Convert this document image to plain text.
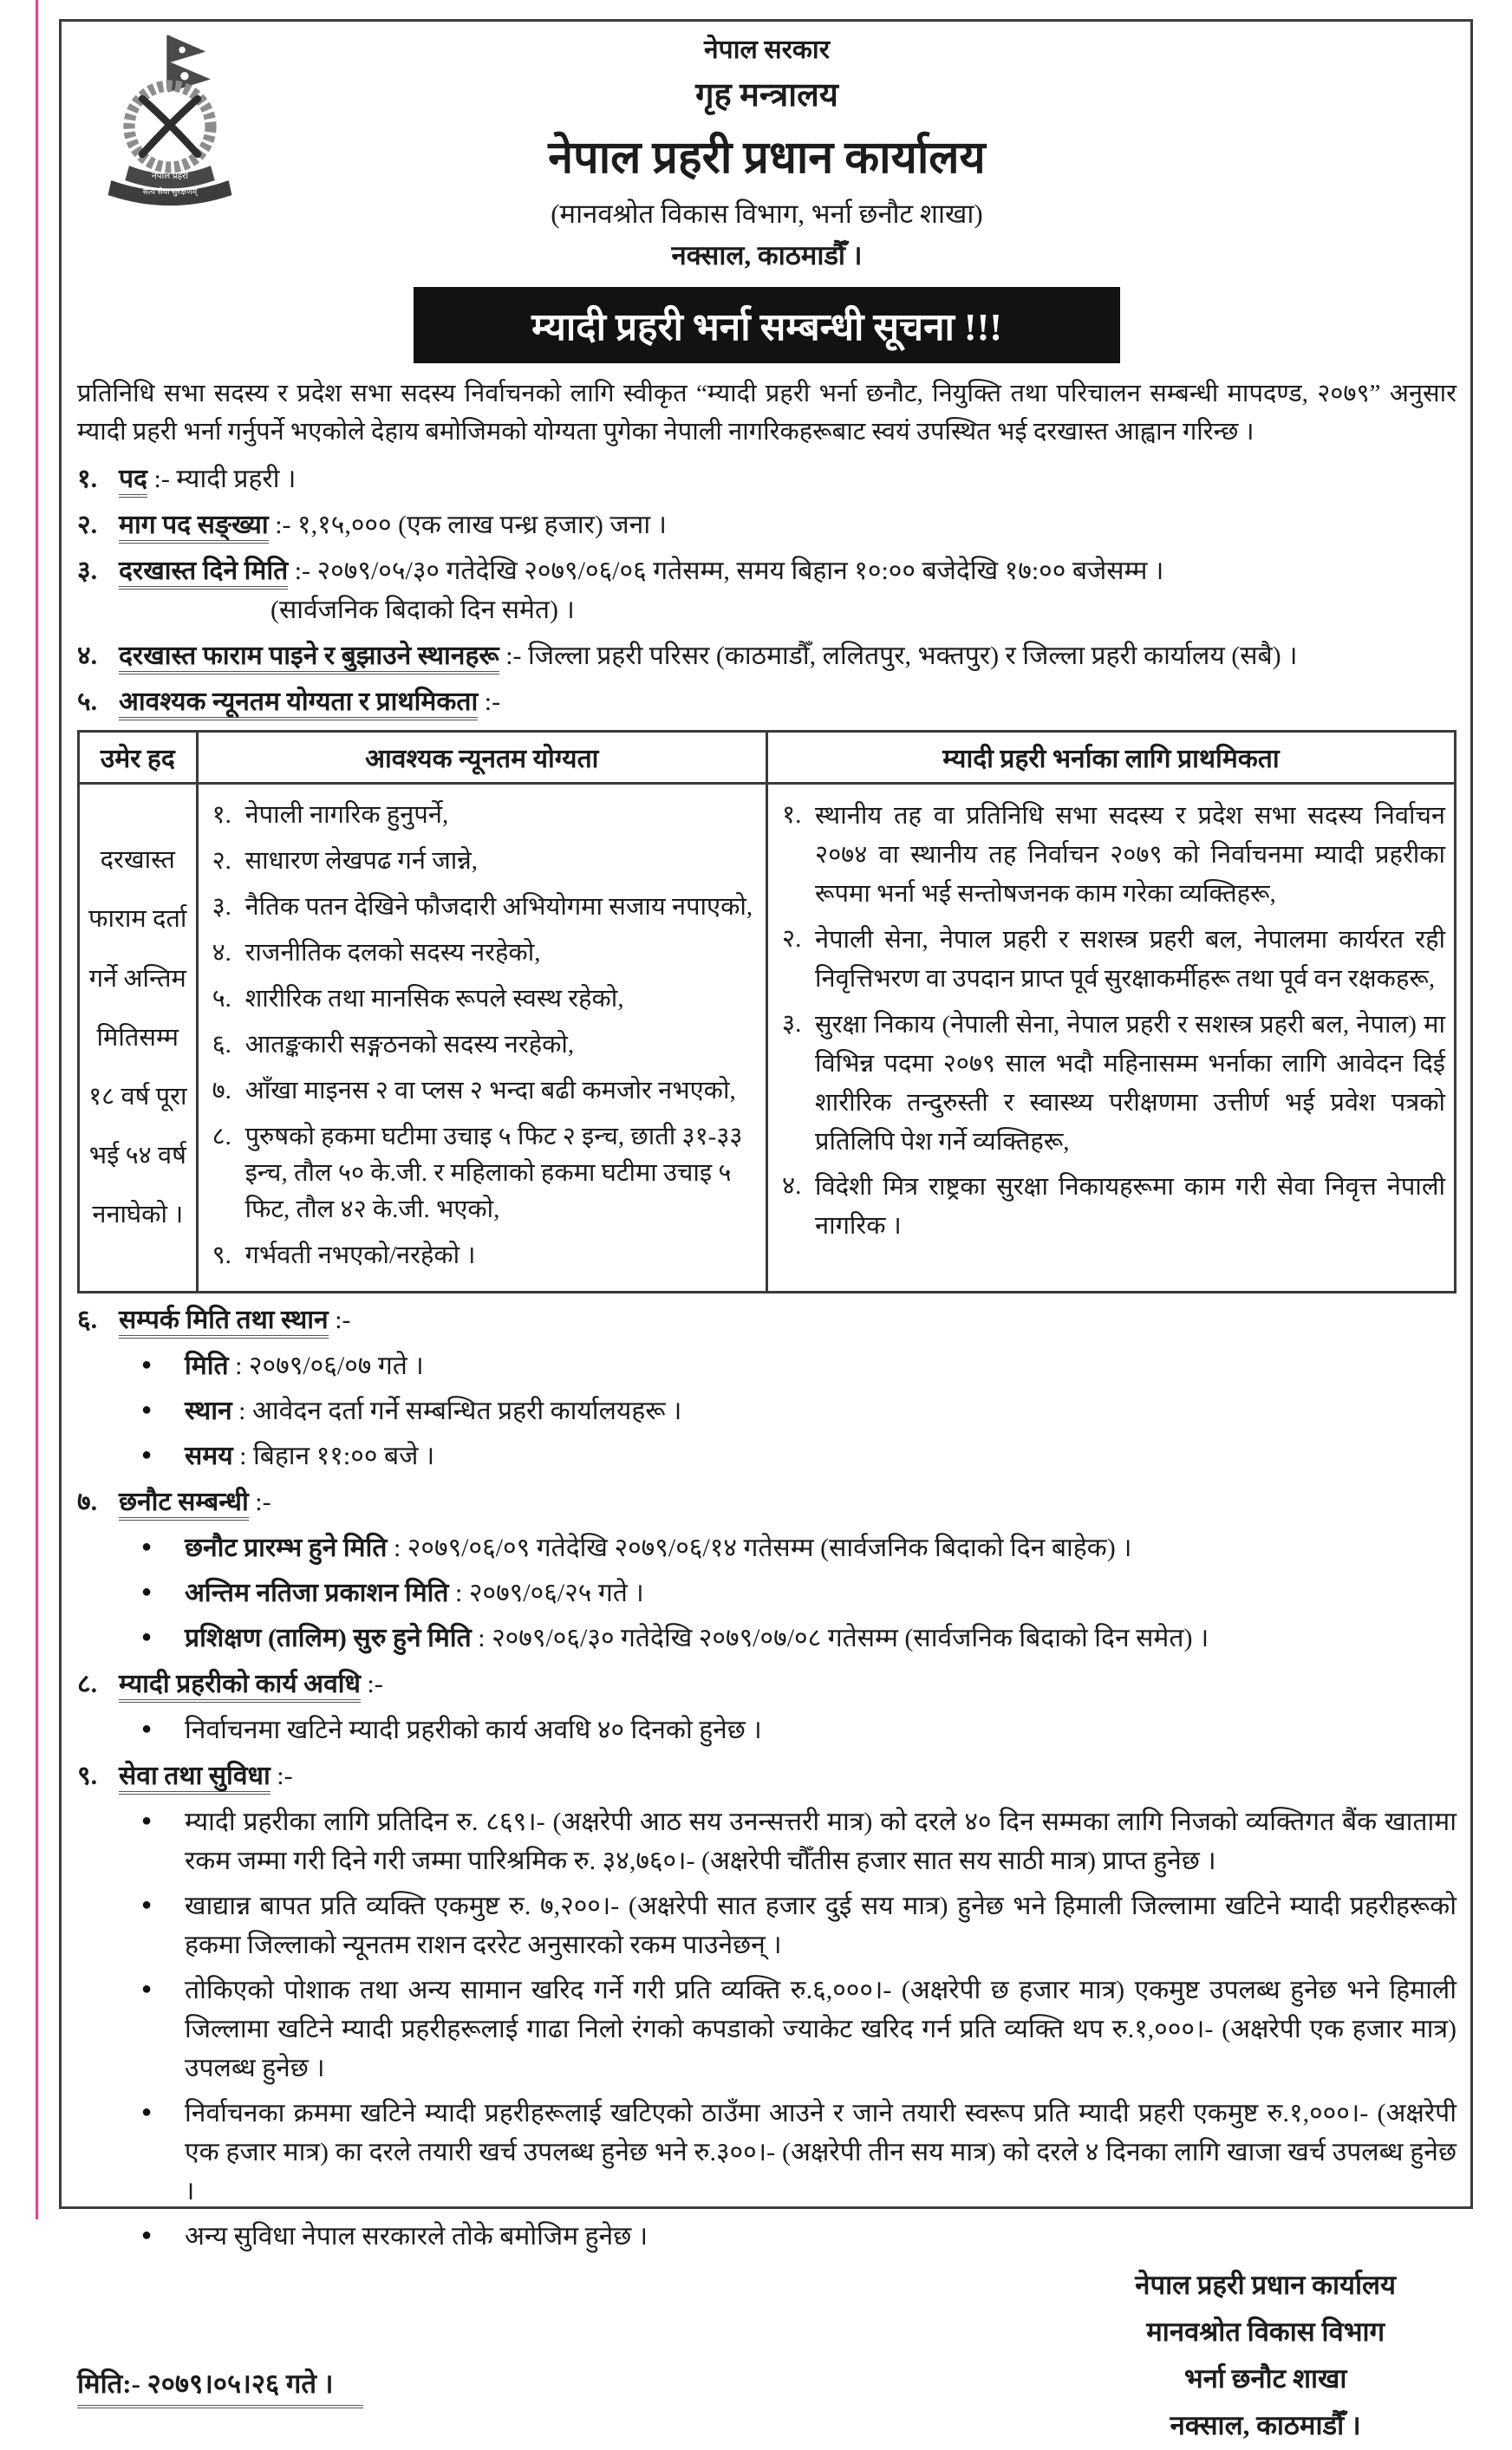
नेपाल प्रहरी
सत्य सेवा सुरक्षणम्
नेपाल सरकार
गृह मन्त्रालय
नेपाल प्रहरी प्रधान कार्यालय
(मानवश्रोत विकास विभाग, भर्ना छनौट शाखा)
नक्साल, काठमाडौँ ।
म्यादी प्रहरी भर्ना सम्बन्धी सूचना !!!

प्रतिनिधि सभा सदस्य र प्रदेश सभा सदस्य निर्वाचनको लागि स्वीकृत “म्यादी प्रहरी भर्ना छनौट, नियुक्ति तथा परिचालन सम्बन्धी मापदण्ड, २०७९” अनुसार म्यादी प्रहरी भर्ना गर्नुपर्ने भएकोले देहाय बमोजिमको योग्यता पुगेका नेपाली नागरिकहरूबाट स्वयं उपस्थित भई दरखास्त आह्वान गरिन्छ ।

१. पद :- म्यादी प्रहरी ।
२. माग पद सङ्ख्या :- १,१५,००० (एक लाख पन्ध्र हजार) जना ।
३. दरखास्त दिने मिति :- २०७९/०५/३० गतेदेखि २०७९/०६/०६ गतेसम्म, समय बिहान १०:०० बजेदेखि १७:०० बजेसम्म ।
(सार्वजनिक बिदाको दिन समेत) ।
४. दरखास्त फाराम पाइने र बुझाउने स्थानहरू :- जिल्ला प्रहरी परिसर (काठमाडौँ, ललितपुर, भक्तपुर) र जिल्ला प्रहरी कार्यालय (सबै) ।
५. आवश्यक न्यूनतम योग्यता र प्राथमिकता :-
उमेर हद	आवश्यक न्यूनतम योग्यता	म्यादी प्रहरी भर्नाका लागि प्राथमिकता
दरखास्त फाराम दर्ता गर्ने अन्तिम मितिसम्म १८ वर्ष पूरा भई ५४ वर्ष ननाघेको ।	
१. नेपाली नागरिक हुनुपर्ने,
२. साधारण लेखपढ गर्न जान्ने,
३. नैतिक पतन देखिने फौजदारी अभियोगमा सजाय नपाएको,
४. राजनीतिक दलको सदस्य नरहेको,
५. शारीरिक तथा मानसिक रूपले स्वस्थ रहेको,
६. आतङ्ककारी सङ्गठनको सदस्य नरहेको,
७. आँखा माइनस २ वा प्लस २ भन्दा बढी कमजोर नभएको,
८. पुरुषको हकमा घटीमा उचाइ ५ फिट २ इन्च, छाती ३१-३३ इन्च, तौल ५० के.जी. र महिलाको हकमा घटीमा उचाइ ५ फिट, तौल ४२ के.जी. भएको,
९. गर्भवती नभएको/नरहेको ।

१. स्थानीय तह वा प्रतिनिधि सभा सदस्य र प्रदेश सभा सदस्य निर्वाचन २०७४ वा स्थानीय तह निर्वाचन २०७९ को निर्वाचनमा म्यादी प्रहरीका रूपमा भर्ना भई सन्तोषजनक काम गरेका व्यक्तिहरू,
२. नेपाली सेना, नेपाल प्रहरी र सशस्त्र प्रहरी बल, नेपालमा कार्यरत रही निवृत्तिभरण वा उपदान प्राप्त पूर्व सुरक्षाकर्मीहरू तथा पूर्व वन रक्षकहरू,
३. सुरक्षा निकाय (नेपाली सेना, नेपाल प्रहरी र सशस्त्र प्रहरी बल, नेपाल) मा विभिन्न पदमा २०७९ साल भदौ महिनासम्म भर्नाका लागि आवेदन दिई शारीरिक तन्दुरुस्ती र स्वास्थ्य परीक्षणमा उत्तीर्ण भई प्रवेश पत्रको प्रतिलिपि पेश गर्ने व्यक्तिहरू,
४. विदेशी मित्र राष्ट्रका सुरक्षा निकायहरूमा काम गरी सेवा निवृत्त नेपाली नागरिक ।
६. सम्पर्क मिति तथा स्थान :-
●	मिति : २०७९/०६/०७ गते ।
●	स्थान : आवेदन दर्ता गर्ने सम्बन्धित प्रहरी कार्यालयहरू ।
●	समय : बिहान ११:०० बजे ।
७. छनौट सम्बन्धी :-
●	छनौट प्रारम्भ हुने मिति : २०७९/०६/०९ गतेदेखि २०७९/०६/१४ गतेसम्म (सार्वजनिक बिदाको दिन बाहेक) ।
●	अन्तिम नतिजा प्रकाशन मिति : २०७९/०६/२५ गते ।
●	प्रशिक्षण (तालिम) सुरु हुने मिति : २०७९/०६/३० गतेदेखि २०७९/०७/०८ गतेसम्म (सार्वजनिक बिदाको दिन समेत) ।
८. म्यादी प्रहरीको कार्य अवधि :-
●	निर्वाचनमा खटिने म्यादी प्रहरीको कार्य अवधि ४० दिनको हुनेछ ।
९. सेवा तथा सुविधा :-
●	म्यादी प्रहरीका लागि प्रतिदिन रु. ८६९।- (अक्षरेपी आठ सय उनन्सत्तरी मात्र) को दरले ४० दिन सम्मका लागि निजको व्यक्तिगत बैंक खातामा रकम जम्मा गरी दिने गरी जम्मा पारिश्रमिक रु. ३४,७६०।- (अक्षरेपी चौँतीस हजार सात सय साठी मात्र) प्राप्त हुनेछ ।
●	खाद्यान्न बापत प्रति व्यक्ति एकमुष्ट रु. ७,२००।- (अक्षरेपी सात हजार दुई सय मात्र) हुनेछ भने हिमाली जिल्लामा खटिने म्यादी प्रहरीहरूको हकमा जिल्लाको न्यूनतम राशन दररेट अनुसारको रकम पाउनेछन् ।
●	तोकिएको पोशाक तथा अन्य सामान खरिद गर्ने गरी प्रति व्यक्ति रु.६,०००।- (अक्षरेपी छ हजार मात्र) एकमुष्ट उपलब्ध हुनेछ भने हिमाली जिल्लामा खटिने म्यादी प्रहरीहरूलाई गाढा निलो रंगको कपडाको ज्याकेट खरिद गर्न प्रति व्यक्ति थप रु.१,०००।- (अक्षरेपी एक हजार मात्र) उपलब्ध हुनेछ ।
●	निर्वाचनका क्रममा खटिने म्यादी प्रहरीहरूलाई खटिएको ठाउँमा आउने र जाने तयारी स्वरूप प्रति म्यादी प्रहरी एकमुष्ट रु.१,०००।- (अक्षरेपी एक हजार मात्र) का दरले तयारी खर्च उपलब्ध हुनेछ भने रु.३००।- (अक्षरेपी तीन सय मात्र) को दरले ४ दिनका लागि खाजा खर्च उपलब्ध हुनेछ ।
●	अन्य सुविधा नेपाल सरकारले तोके बमोजिम हुनेछ ।
मिति:- २०७९।०५।२६ गते ।
नेपाल प्रहरी प्रधान कार्यालय
मानवश्रोत विकास विभाग
भर्ना छनौट शाखा
नक्साल, काठमाडौँ ।
